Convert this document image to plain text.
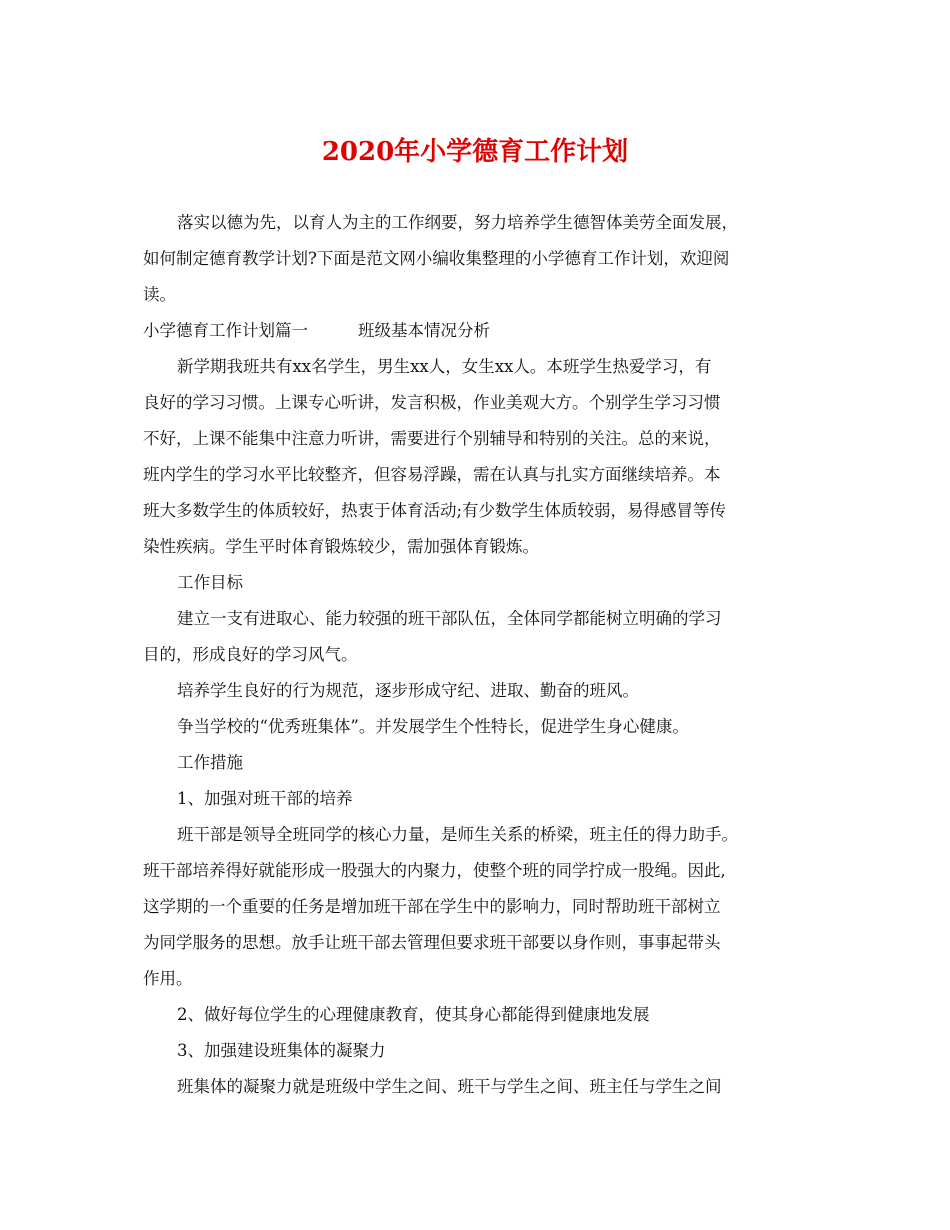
2020年小学德育工作计划

落实以德为先，以育人为主的工作纲要，努力培养学生德智体美劳全面发展，

如何制定德育教学计划?下面是范文网小编收集整理的小学德育工作计划，欢迎阅

读。

小学德育工作计划篇一	班级基本情况分析

新学期我班共有xx名学生，男生xx人，女生xx人。本班学生热爱学习，有

良好的学习习惯。上课专心听讲，发言积极，作业美观大方。个别学生学习习惯

不好，上课不能集中注意力听讲，需要进行个别辅导和特别的关注。总的来说，

班内学生的学习水平比较整齐，但容易浮躁，需在认真与扎实方面继续培养。本

班大多数学生的体质较好，热衷于体育活动;有少数学生体质较弱，易得感冒等传

染性疾病。学生平时体育锻炼较少，需加强体育锻炼。

工作目标

建立一支有进取心、能力较强的班干部队伍，全体同学都能树立明确的学习

目的，形成良好的学习风气。

培养学生良好的行为规范，逐步形成守纪、进取、勤奋的班风。

争当学校的“优秀班集体”。并发展学生个性特长，促进学生身心健康。

工作措施

1、加强对班干部的培养

班干部是领导全班同学的核心力量，是师生关系的桥梁，班主任的得力助手。

班干部培养得好就能形成一股强大的内聚力，使整个班的同学拧成一股绳。因此,

这学期的一个重要的任务是增加班干部在学生中的影响力，同时帮助班干部树立

为同学服务的思想。放手让班干部去管理但要求班干部要以身作则，事事起带头

作用。

2、做好每位学生的心理健康教育，使其身心都能得到健康地发展

3、加强建设班集体的凝聚力

班集体的凝聚力就是班级中学生之间、班干与学生之间、班主任与学生之间
